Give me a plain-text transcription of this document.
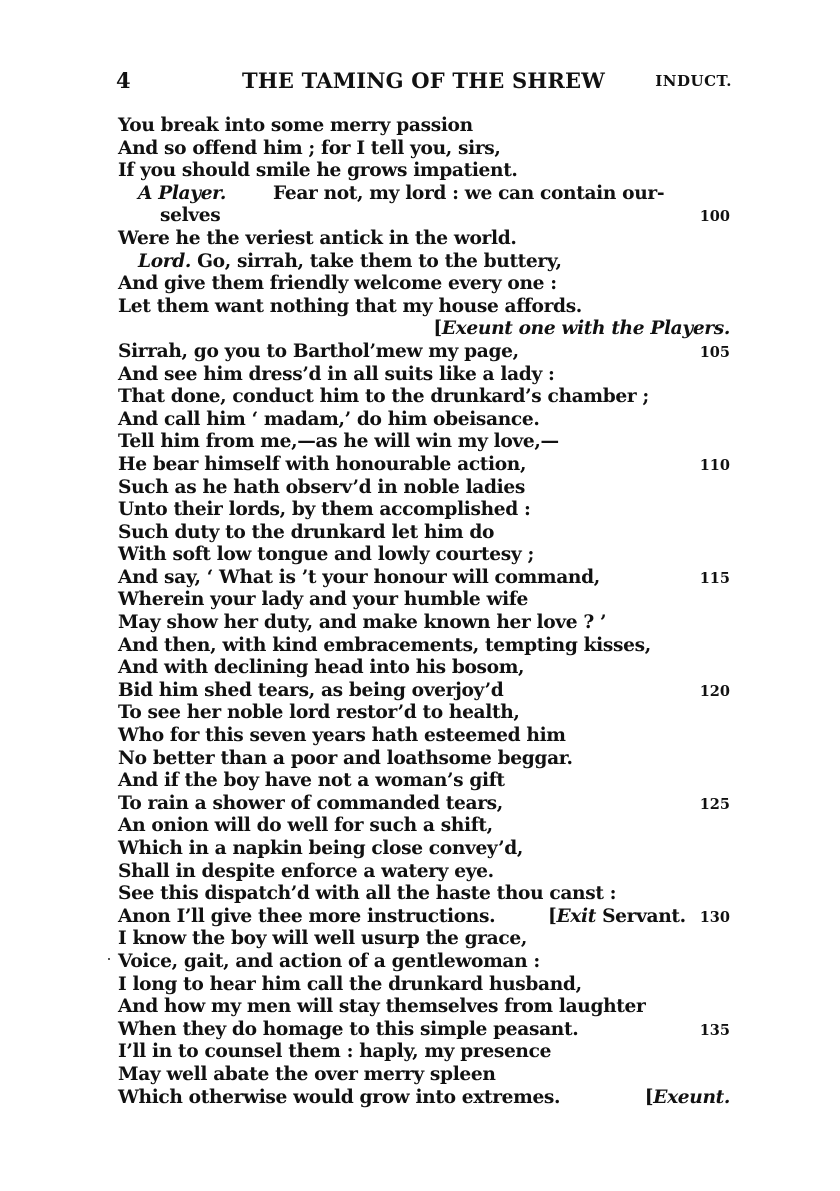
4	THE TAMING OF THE SHREW	INDUCT.
You break into some merry passion
And so offend him ; for I tell you, sirs,
If you should smile he grows impatient.
A Player.	Fear not, my lord : we can contain our-
selves	100
Were he the veriest antick in the world.
Lord. Go, sirrah, take them to the buttery,
And give them friendly welcome every one :
Let them want nothing that my house affords.
[Exeunt one with the Players.
Sirrah, go you to Barthol’mew my page,	105
And see him dress’d in all suits like a lady :
That done, conduct him to the drunkard’s chamber ;
And call him ‘ madam,’ do him obeisance.
Tell him from me,—as he will win my love,—
He bear himself with honourable action,	110
Such as he hath observ’d in noble ladies
Unto their lords, by them accomplished :
Such duty to the drunkard let him do
With soft low tongue and lowly courtesy ;
And say, ‘ What is ’t your honour will command,	115
Wherein your lady and your humble wife
May show her duty, and make known her love ? ’
And then, with kind embracements, tempting kisses,
And with declining head into his bosom,
Bid him shed tears, as being overjoy’d	120
To see her noble lord restor’d to health,
Who for this seven years hath esteemed him
No better than a poor and loathsome beggar.
And if the boy have not a woman’s gift
To rain a shower of commanded tears,	125
An onion will do well for such a shift,
Which in a napkin being close convey’d,
Shall in despite enforce a watery eye.
See this dispatch’d with all the haste thou canst :
Anon I’ll give thee more instructions.	[Exit Servant. 130
I know the boy will well usurp the grace,
Voice, gait, and action of a gentlewoman :
I long to hear him call the drunkard husband,
And how my men will stay themselves from laughter
When they do homage to this simple peasant.	135
I’ll in to counsel them : haply, my presence
May well abate the over merry spleen
Which otherwise would grow into extremes.	[Exeunt.
